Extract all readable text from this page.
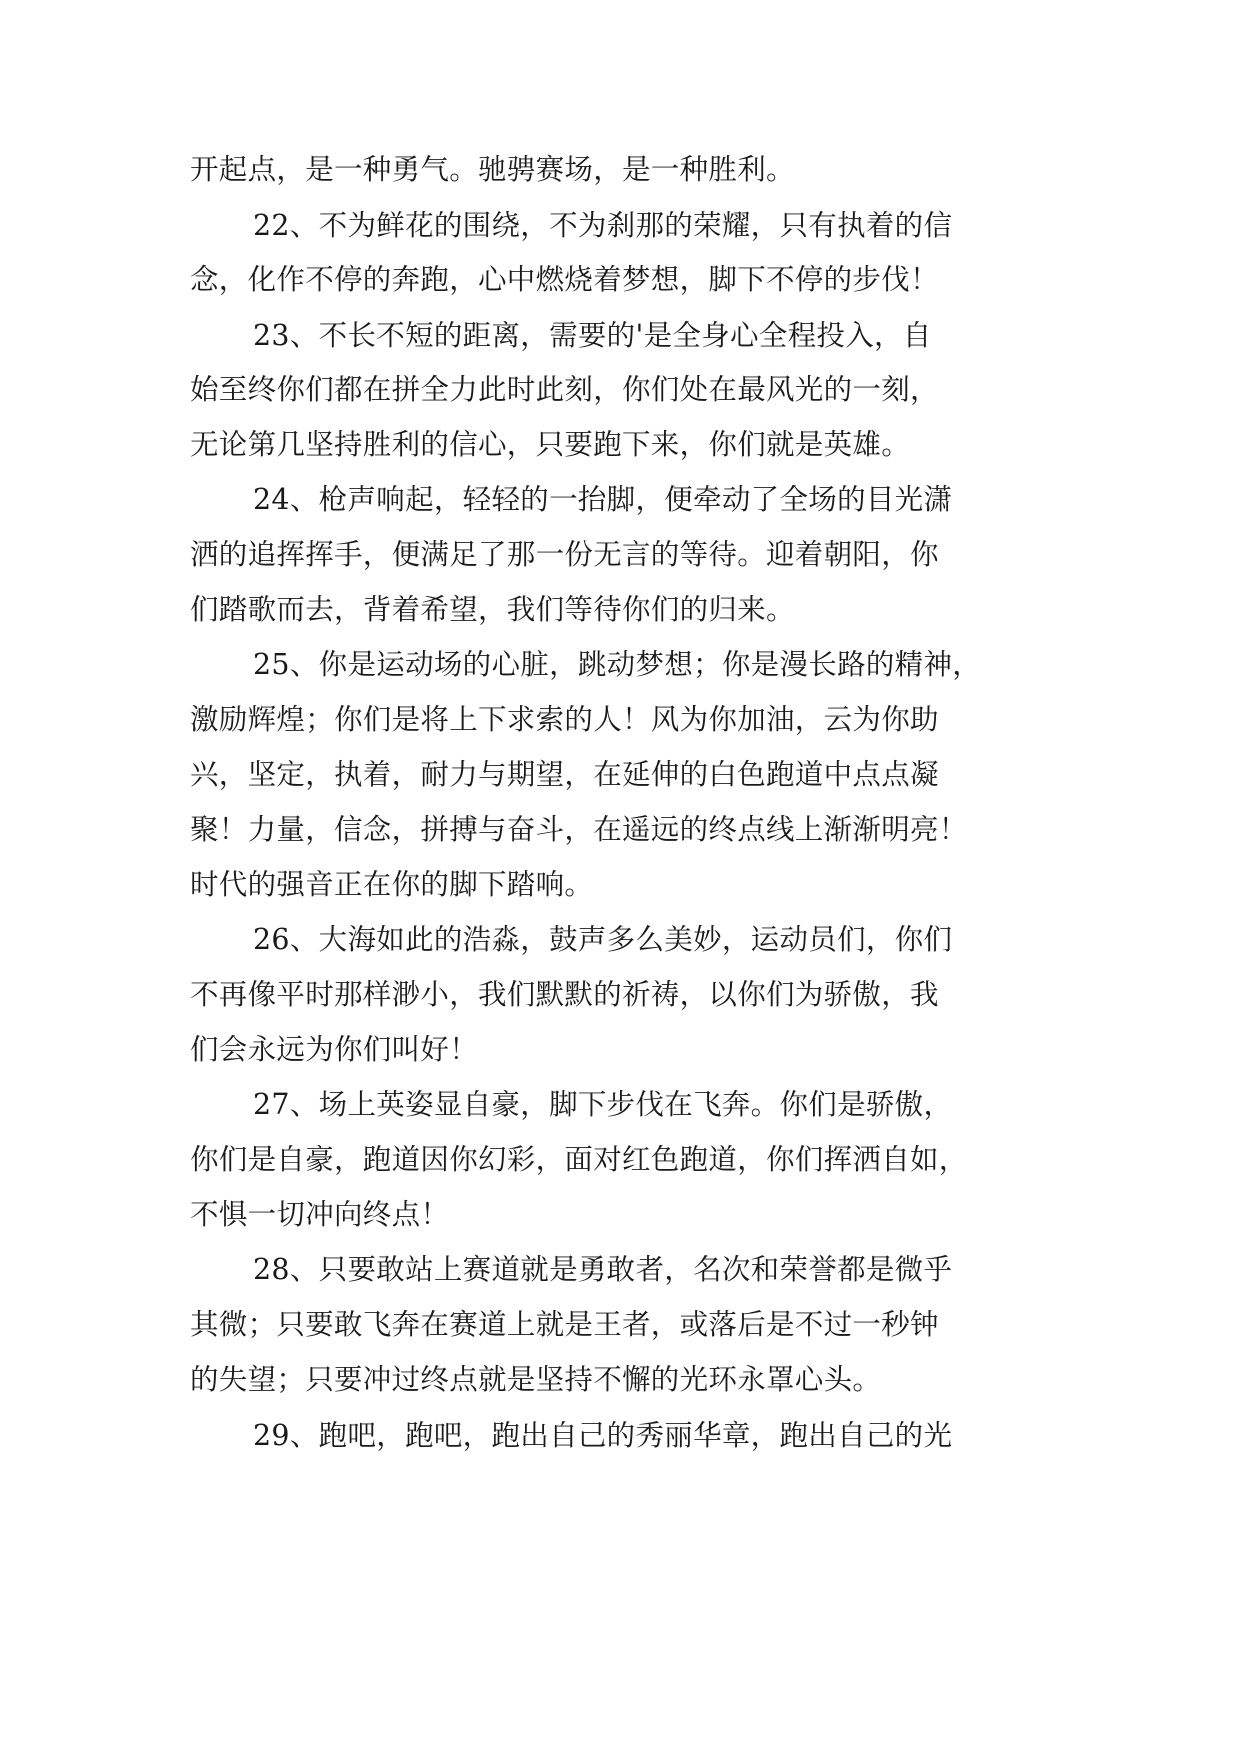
开起点，是一种勇气。驰骋赛场，是一种胜利。
22、不为鲜花的围绕，不为刹那的荣耀，只有执着的信
念，化作不停的奔跑，心中燃烧着梦想，脚下不停的步伐！
23、不长不短的距离，需要的'是全身心全程投入，自
始至终你们都在拼全力此时此刻，你们处在最风光的一刻，
无论第几坚持胜利的信心，只要跑下来，你们就是英雄。
24、枪声响起，轻轻的一抬脚，便牵动了全场的目光潇
洒的追挥挥手，便满足了那一份无言的等待。迎着朝阳，你
们踏歌而去，背着希望，我们等待你们的归来。
25、你是运动场的心脏，跳动梦想；你是漫长路的精神，
激励辉煌；你们是将上下求索的人！风为你加油，云为你助
兴，坚定，执着，耐力与期望，在延伸的白色跑道中点点凝
聚！力量，信念，拼搏与奋斗，在遥远的终点线上渐渐明亮！
时代的强音正在你的脚下踏响。
26、大海如此的浩淼，鼓声多么美妙，运动员们，你们
不再像平时那样渺小，我们默默的祈祷，以你们为骄傲，我
们会永远为你们叫好！
27、场上英姿显自豪，脚下步伐在飞奔。你们是骄傲，
你们是自豪，跑道因你幻彩，面对红色跑道，你们挥洒自如，
不惧一切冲向终点！
28、只要敢站上赛道就是勇敢者，名次和荣誉都是微乎
其微；只要敢飞奔在赛道上就是王者，或落后是不过一秒钟
的失望；只要冲过终点就是坚持不懈的光环永罩心头。
29、跑吧，跑吧，跑出自己的秀丽华章，跑出自己的光
